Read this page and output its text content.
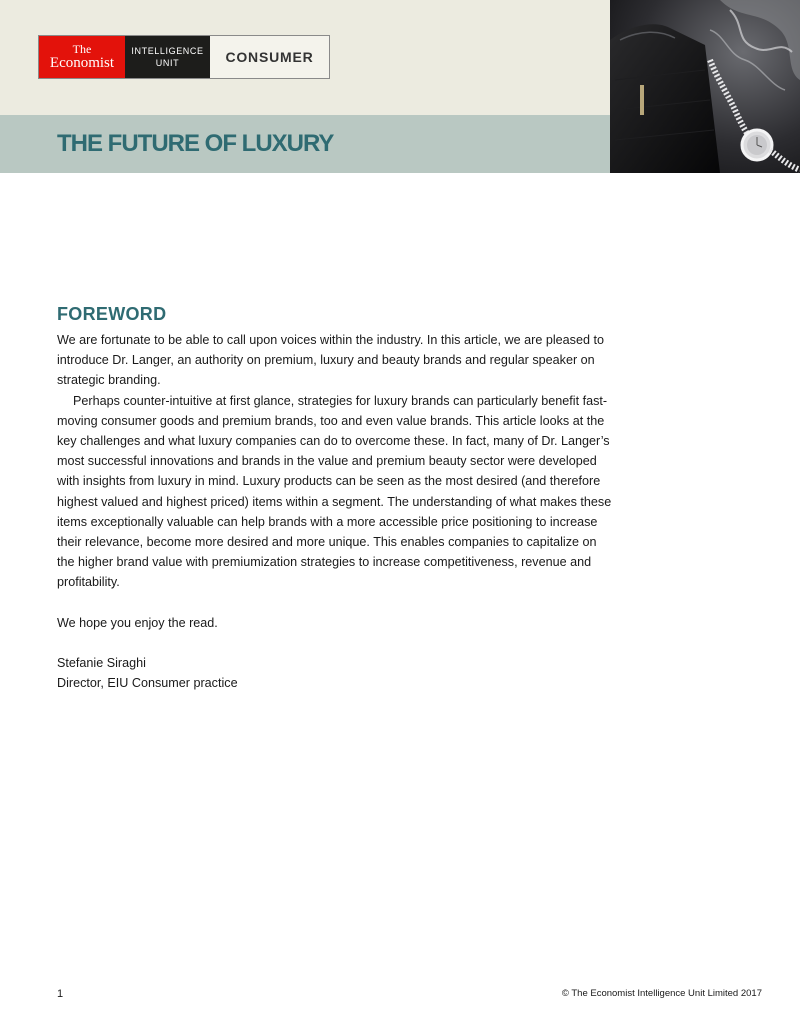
The
Economist
INTELLIGENCE
UNIT	CONSUMER
THE FUTURE OF LUXURY
FOREWORD

We are fortunate to be able to call upon voices within the industry. In this article, we are pleased to introduce Dr. Langer, an authority on premium, luxury and beauty brands and regular speaker on strategic branding.

Perhaps counter-intuitive at first glance, strategies for luxury brands can particularly benefit fast-moving consumer goods and premium brands, too and even value brands. This article looks at the key challenges and what luxury companies can do to overcome these. In fact, many of Dr. Langer’s most successful innovations and brands in the value and premium beauty sector were developed with insights from luxury in mind. Luxury products can be seen as the most desired (and therefore highest valued and highest priced) items within a segment. The understanding of what makes these items exceptionally valuable can help brands with a more accessible price positioning to increase their relevance, become more desired and more unique. This enables companies to capitalize on the higher brand value with premiumization strategies to increase competitiveness, revenue and profitability.

We hope you enjoy the read.

Stefanie Siraghi

Director, EIU Consumer practice

1	© The Economist Intelligence Unit Limited 2017
